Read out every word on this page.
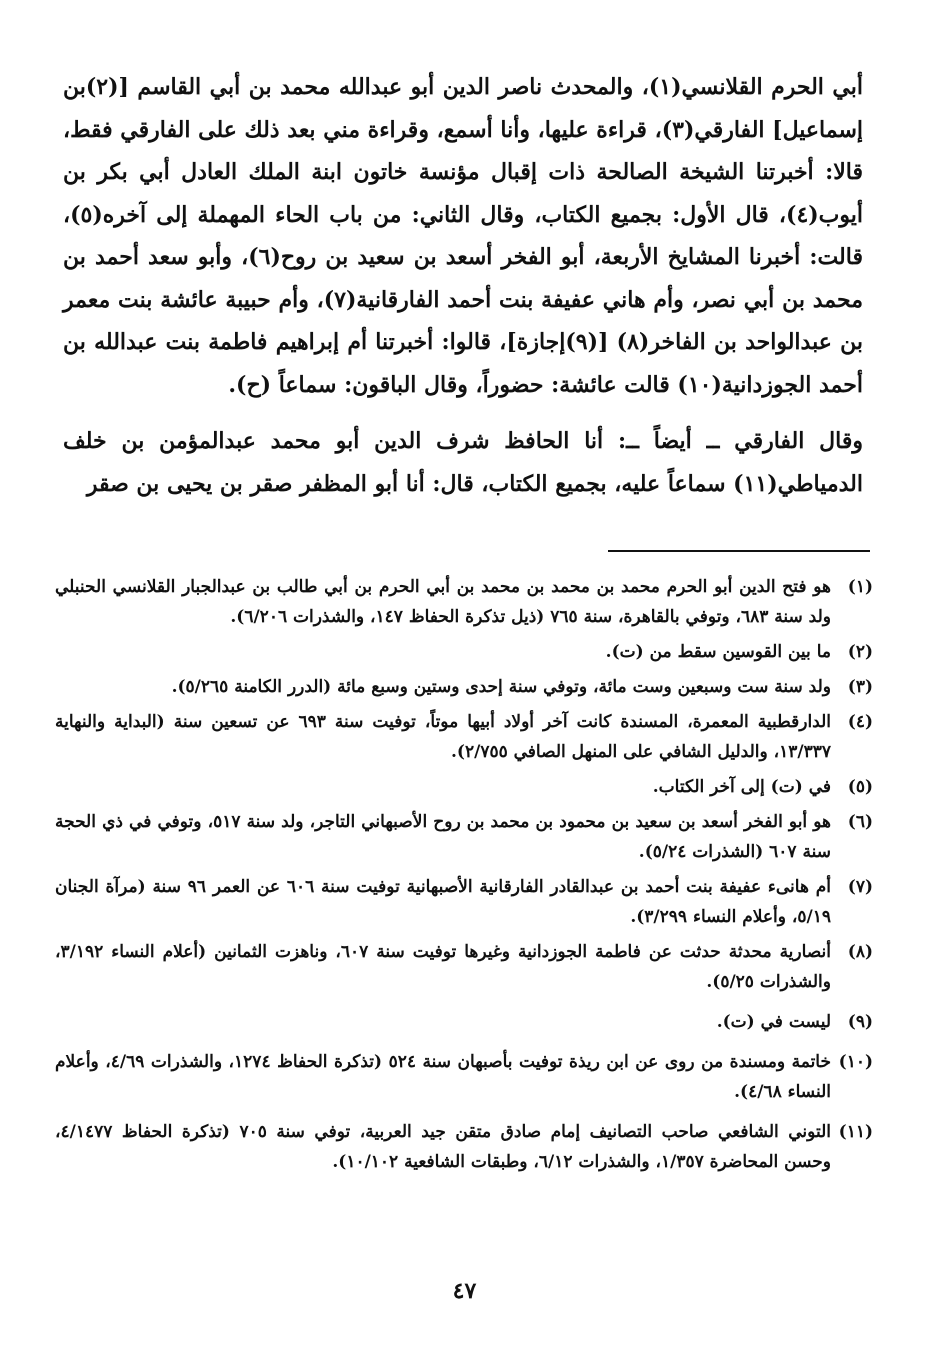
أبي الحرم القلانسي(١)، والمحدث ناصر الدين أبو عبدالله محمد بن أبي القاسم [(٢)بن إسماعيل] الفارقي(٣)، قراءة عليها، وأنا أسمع، وقراءة مني بعد ذلك على الفارقي فقط، قالا: أخبرتنا الشيخة الصالحة ذات إقبال مؤنسة خاتون ابنة الملك العادل أبي بكر بن أيوب(٤)، قال الأول: بجميع الكتاب، وقال الثاني: من باب الحاء المهملة إلى آخره(٥)، قالت: أخبرنا المشايخ الأربعة، أبو الفخر أسعد بن سعيد بن روح(٦)، وأبو سعد أحمد بن محمد بن أبي نصر، وأم هاني عفيفة بنت أحمد الفارقانية(٧)، وأم حبيبة عائشة بنت معمر بن عبدالواحد بن الفاخر(٨) [(٩)إجازة]، قالوا: أخبرتنا أم إبراهيم فاطمة بنت عبدالله بن أحمد الجوزدانية(١٠) قالت عائشة: حضوراً، وقال الباقون: سماعاً (ح).

وقال الفارقي ــ أيضاً ــ: أنا الحافظ شرف الدين أبو محمد عبدالمؤمن بن خلف الدمياطي(١١) سماعاً عليه، بجميع الكتاب، قال: أنا أبو المظفر صقر بن يحيى بن صقر

(١)
هو فتح الدين أبو الحرم محمد بن محمد بن محمد بن أبي الحرم بن أبي طالب بن عبدالجبار القلانسي الحنبلي ولد سنة ٦٨٣، وتوفي بالقاهرة، سنة ٧٦٥ (ذيل تذكرة الحفاظ ١٤٧، والشذرات ٦/٢٠٦).
(٢)
ما بين القوسين سقط من (ت).
(٣)
ولد سنة ست وسبعين وست مائة، وتوفي سنة إحدى وستين وسبع مائة (الدرر الكامنة ٥/٢٦٥).
(٤)
الدارقطبية المعمرة، المسندة كانت آخر أولاد أبيها موتاً، توفيت سنة ٦٩٣ عن تسعين سنة (البداية والنهاية ١٣/٣٣٧، والدليل الشافي على المنهل الصافي ٢/٧٥٥).
(٥)
في (ت) إلى آخر الكتاب.
(٦)
هو أبو الفخر أسعد بن سعيد بن محمود بن محمد بن روح الأصبهاني التاجر، ولد سنة ٥١٧، وتوفي في ذي الحجة سنة ٦٠٧ (الشذرات ٥/٢٤).
(٧)
أم هانىء عفيفة بنت أحمد بن عبدالقادر الفارقانية الأصبهانية توفيت سنة ٦٠٦ عن العمر ٩٦ سنة (مرآة الجنان ٥/١٩، وأعلام النساء ٣/٢٩٩).
(٨)
أنصارية محدثة حدثت عن فاطمة الجوزدانية وغيرها توفيت سنة ٦٠٧، وناهزت الثمانين (أعلام النساء ٣/١٩٢، والشذرات ٥/٢٥).
(٩)
ليست في (ت).
(١٠)
خاتمة ومسندة من روى عن ابن ريذة توفيت بأصبهان سنة ٥٢٤ (تذكرة الحفاظ ١٢٧٤، والشذرات ٤/٦٩، وأعلام النساء ٤/٦٨).
(١١)
التوني الشافعي صاحب التصانيف إمام صادق متقن جيد العربية، توفي سنة ٧٠٥ (تذكرة الحفاظ ٤/١٤٧٧، وحسن المحاضرة ١/٣٥٧، والشذرات ٦/١٢، وطبقات الشافعية ١٠/١٠٢).
٤٧
